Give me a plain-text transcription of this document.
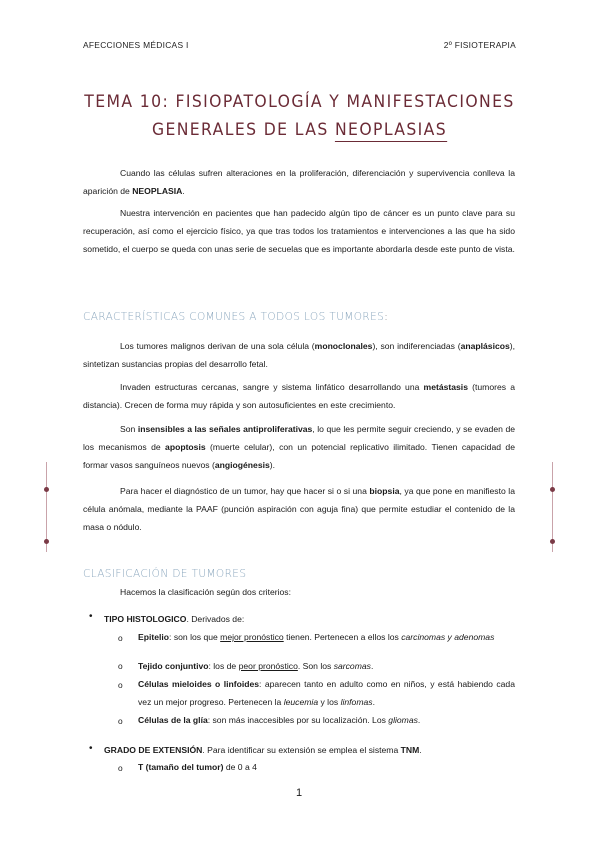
AFECCIONES MÉDICAS I	2º FISIOTERAPIA
TEMA 10: FISIOPATOLOGÍA Y MANIFESTACIONES
GENERALES DE LAS NEOPLASIAS
Cuando las células sufren alteraciones en la proliferación, diferenciación y supervivencia conlleva la aparición de NEOPLASIA.
Nuestra intervención en pacientes que han padecido algún tipo de cáncer es un punto clave para su recuperación, así como el ejercicio físico, ya que tras todos los tratamientos e intervenciones a las que ha sido sometido, el cuerpo se queda con unas serie de secuelas que es importante abordarla desde este punto de vista.
CARACTERÍSTICAS COMUNES A TODOS LOS TUMORES:
Los tumores malignos derivan de una sola célula (monoclonales), son indiferenciadas (anaplásicos), sintetizan sustancias propias del desarrollo fetal.
Invaden estructuras cercanas, sangre y sistema linfático desarrollando una metástasis (tumores a distancia). Crecen de forma muy rápida y son autosuficientes en este crecimiento.
Son insensibles a las señales antiproliferativas, lo que les permite seguir creciendo, y se evaden de los mecanismos de apoptosis (muerte celular), con un potencial replicativo ilimitado. Tienen capacidad de formar vasos sanguíneos nuevos (angiogénesis).
Para hacer el diagnóstico de un tumor, hay que hacer si o si una biopsia, ya que pone en manifiesto la célula anómala, mediante la PAAF (punción aspiración con aguja fina) que permite estudiar el contenido de la masa o nódulo.
CLASIFICACIÓN DE TUMORES
Hacemos la clasificación según dos criterios:
• TIPO HISTOLOGICO. Derivados de:
o Epitelio: son los que mejor pronóstico tienen. Pertenecen a ellos los carcinomas y adenomas
o Tejido conjuntivo: los de peor pronóstico. Son los sarcomas.
o Células mieloides o linfoides: aparecen tanto en adulto como en niños, y está habiendo cada vez un mejor progreso. Pertenecen la leucemia y los linfomas.
o Células de la glía: son más inaccesibles por su localización. Los gliomas.
• GRADO DE EXTENSIÓN. Para identificar su extensión se emplea el sistema TNM.
o T (tamaño del tumor) de 0 a 4
1
